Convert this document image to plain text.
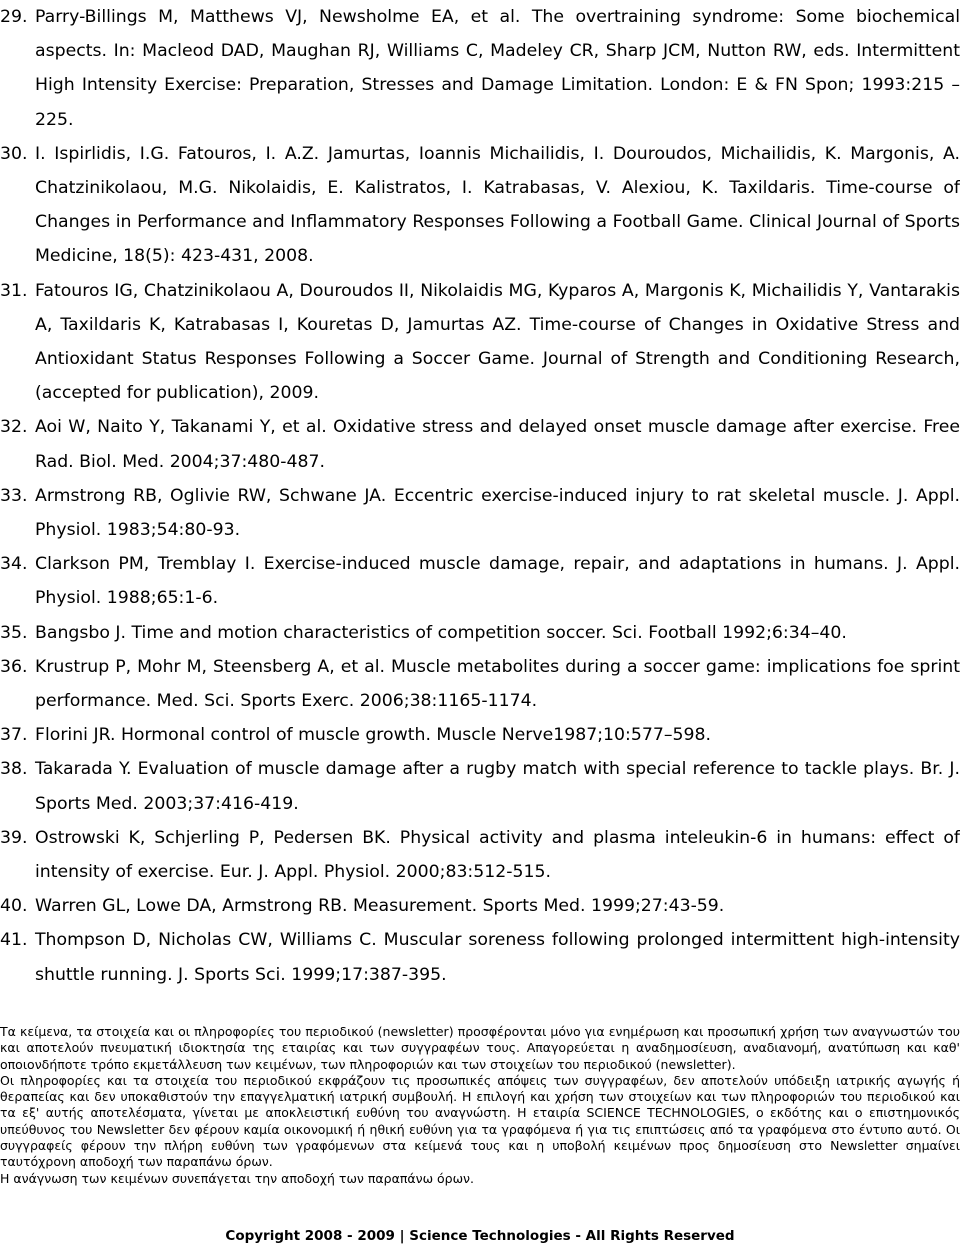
29. Parry-Billings M, Matthews VJ, Newsholme EA, et al. The overtraining syndrome: Some biochemical aspects. In: Macleod DAD, Maughan RJ, Williams C, Madeley CR, Sharp JCM, Nutton RW, eds. Intermittent High Intensity Exercise: Preparation, Stresses and Damage Limitation. London: E & FN Spon; 1993:215 – 225.
30. I. Ispirlidis, I.G. Fatouros, I. A.Z. Jamurtas, Ioannis Michailidis, I. Douroudos, Michailidis, K. Margonis, A. Chatzinikolaou, M.G. Nikolaidis, E. Kalistratos, I. Katrabasas, V. Alexiou, K. Taxildaris. Time-course of Changes in Performance and Inflammatory Responses Following a Football Game. Clinical Journal of Sports Medicine, 18(5): 423-431, 2008.
31. Fatouros IG, Chatzinikolaou A, Douroudos II, Nikolaidis MG, Kyparos A, Margonis K, Michailidis Y, Vantarakis A, Taxildaris K, Katrabasas I, Kouretas D, Jamurtas AZ. Time-course of Changes in Oxidative Stress and Antioxidant Status Responses Following a Soccer Game. Journal of Strength and Conditioning Research, (accepted for publication), 2009.
32. Aoi W, Naito Y, Takanami Y, et al. Oxidative stress and delayed onset muscle damage after exercise. Free Rad. Biol. Med. 2004;37:480-487.
33. Armstrong RB, Oglivie RW, Schwane JA. Eccentric exercise-induced injury to rat skeletal muscle. J. Appl. Physiol. 1983;54:80-93.
34. Clarkson PM, Tremblay I. Exercise-induced muscle damage, repair, and adaptations in humans. J. Appl. Physiol. 1988;65:1-6.
35. Bangsbo J. Time and motion characteristics of competition soccer. Sci. Football 1992;6:34–40.
36. Krustrup P, Mohr M, Steensberg A, et al. Muscle metabolites during a soccer game: implications foe sprint performance. Med. Sci. Sports Exerc. 2006;38:1165-1174.
37. Florini JR. Hormonal control of muscle growth. Muscle Nerve1987;10:577–598.
38. Takarada Y. Evaluation of muscle damage after a rugby match with special reference to tackle plays. Br. J. Sports Med. 2003;37:416-419.
39. Ostrowski K, Schjerling P, Pedersen BK. Physical activity and plasma inteleukin-6 in humans: effect of intensity of exercise. Eur. J. Appl. Physiol. 2000;83:512-515.
40. Warren GL, Lowe DA, Armstrong RB. Measurement. Sports Med. 1999;27:43-59.
41. Thompson D, Nicholas CW, Williams C. Muscular soreness following prolonged intermittent high-intensity shuttle running. J. Sports Sci. 1999;17:387-395.

Τα κείμενα, τα στοιχεία και οι πληροφορίες του περιοδικού (newsletter) προσφέρονται μόνο για ενημέρωση και προσωπική χρήση των αναγνωστών του και αποτελούν πνευματική ιδιοκτησία της εταιρίας και των συγγραφέων τους. Απαγορεύεται η αναδημοσίευση, αναδιανομή, ανατύπωση και καθ' οποιονδήποτε τρόπο εκμετάλλευση των κειμένων, των πληροφοριών και των στοιχείων του περιοδικού (newsletter).

Οι πληροφορίες και τα στοιχεία του περιοδικού εκφράζουν τις προσωπικές απόψεις των συγγραφέων, δεν αποτελούν υπόδειξη ιατρικής αγωγής ή θεραπείας και δεν υποκαθιστούν την επαγγελματική ιατρική συμβουλή. Η επιλογή και χρήση των στοιχείων και των πληροφοριών του περιοδικού και τα εξ' αυτής αποτελέσματα, γίνεται με αποκλειστική ευθύνη του αναγνώστη. Η εταιρία SCIENCE TECHNOLOGIES, ο εκδότης και ο επιστημονικός υπεύθυνος του Newsletter δεν φέρουν καμία οικονομική ή ηθική ευθύνη για τα γραφόμενα ή για τις επιπτώσεις από τα γραφόμενα στο έντυπο αυτό. Οι συγγραφείς φέρουν την πλήρη ευθύνη των γραφόμενων στα κείμενά τους και η υποβολή κειμένων προς δημοσίευση στο Newsletter σημαίνει ταυτόχρονη αποδοχή των παραπάνω όρων.

Η ανάγνωση των κειμένων συνεπάγεται την αποδοχή των παραπάνω όρων.

Copyright 2008 - 2009 | Science Technologies - All Rights Reserved
